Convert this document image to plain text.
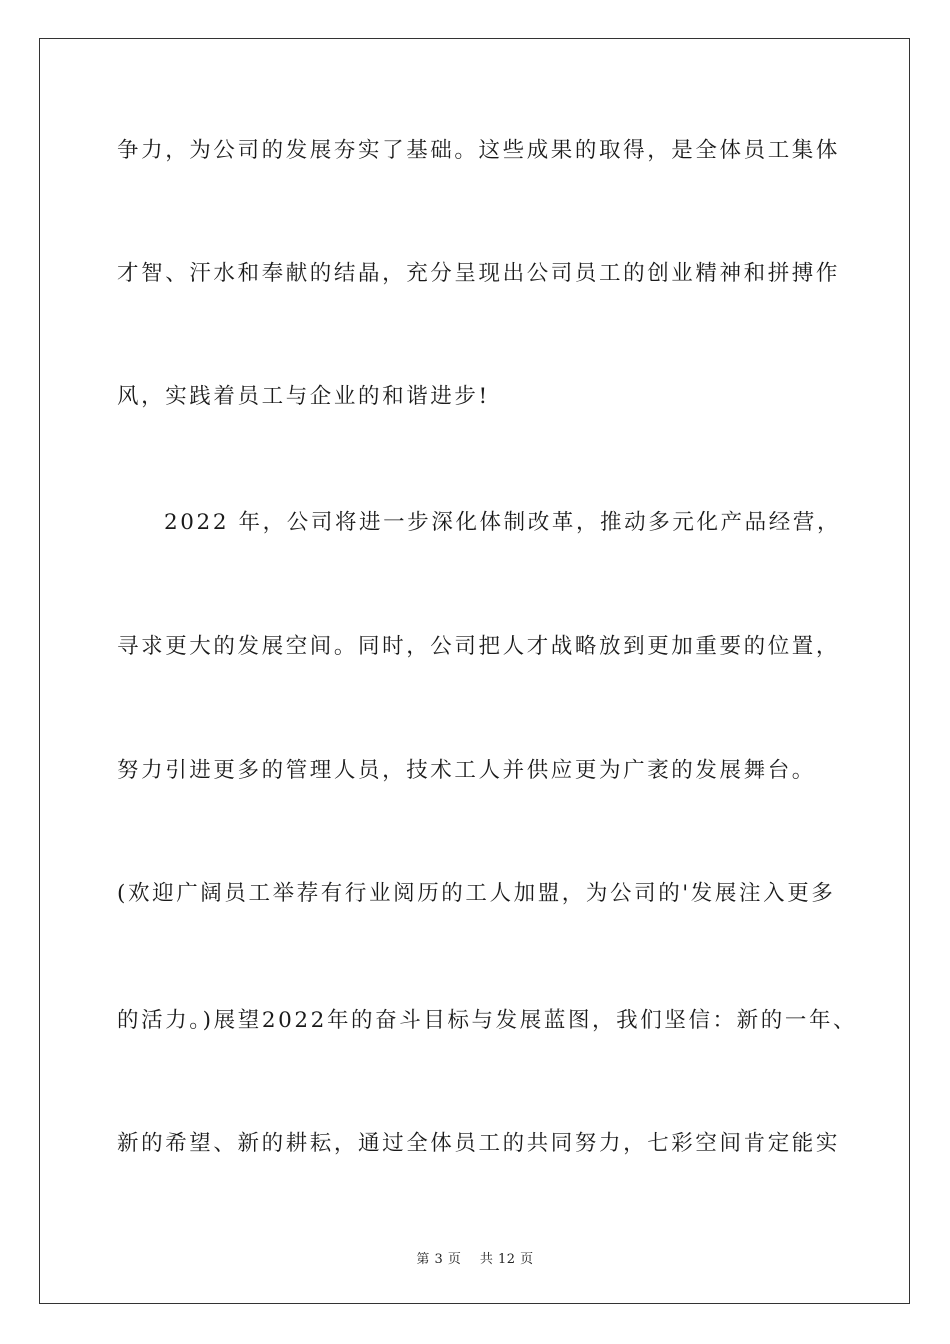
争力，为公司的发展夯实了基础。这些成果的取得，是全体员工集体
才智、汗水和奉献的结晶，充分呈现出公司员工的创业精神和拼搏作
风，实践着员工与企业的和谐进步!
2022 年，公司将进一步深化体制改革，推动多元化产品经营，
寻求更大的发展空间。同时，公司把人才战略放到更加重要的位置，
努力引进更多的管理人员，技术工人并供应更为广袤的发展舞台。
(欢迎广阔员工举荐有行业阅历的工人加盟，为公司的'发展注入更多
的活力。)展望2022年的奋斗目标与发展蓝图，我们坚信：新的一年、
新的希望、新的耕耘，通过全体员工的共同努力，七彩空间肯定能实
第 3 页    共 12 页
